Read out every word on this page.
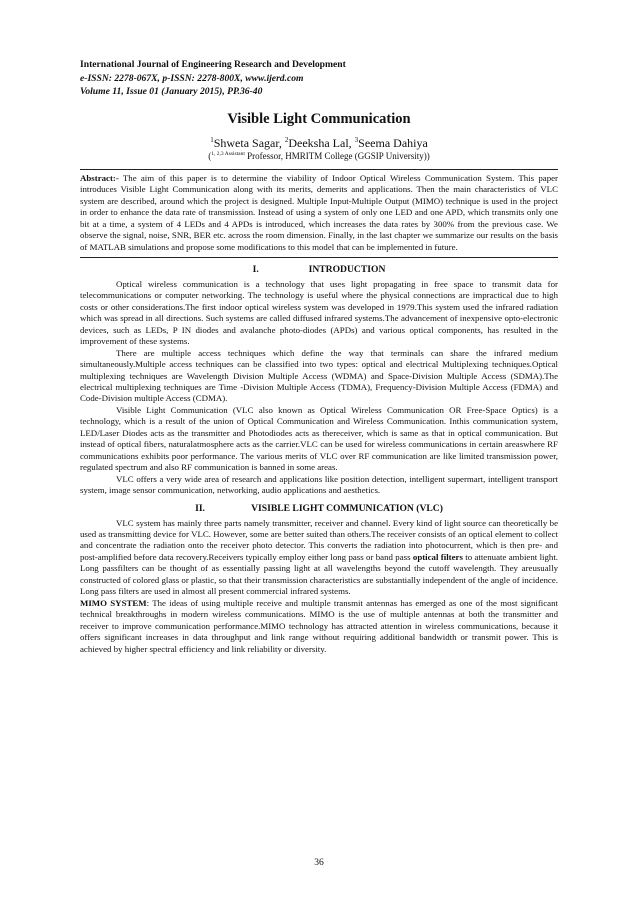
International Journal of Engineering Research and Development
e-ISSN: 2278-067X, p-ISSN: 2278-800X, www.ijerd.com
Volume 11, Issue 01 (January 2015), PP.36-40
Visible Light Communication
$^1$Shweta Sagar, $^2$Deeksha Lal, $^3$Seema Dahiya
($^{1, 2,3 Assistant}$ Professor, HMRITM College (GGSIP University))

Abstract:- The aim of this paper is to determine the viability of Indoor Optical Wireless Communication System. This paper introduces Visible Light Communication along with its merits, demerits and applications. Then the main characteristics of VLC system are described, around which the project is designed. Multiple Input-Multiple Output (MIMO) technique is used in the project in order to enhance the data rate of transmission. Instead of using a system of only one LED and one APD, which transmits only one bit at a time, a system of 4 LEDs and 4 APDs is introduced, which increases the data rates by 300% from the previous case. We observe the signal, noise, SNR, BER etc. across the room dimension. Finally, in the last chapter we summarize our results on the basis of MATLAB simulations and propose some modifications to this model that can be implemented in future.

I.	INTRODUCTION

Optical wireless communication is a technology that uses light propagating in free space to transmit data for telecommunications or computer networking. The technology is useful where the physical connections are impractical due to high costs or other considerations.The first indoor optical wireless system was developed in 1979.This system used the infrared radiation which was spread in all directions. Such systems are called diffused infrared systems.The advancement of inexpensive opto-electronic devices, such as LEDs, P IN diodes and avalanche photo-diodes (APDs) and various optical components, has resulted in the improvement of these systems.

There are multiple access techniques which define the way that terminals can share the infrared medium simultaneously.Multiple access techniques can be classified into two types: optical and electrical Multiplexing techniques.Optical multiplexing techniques are Wavelength Division Multiple Access (WDMA) and Space-Division Multiple Access (SDMA).The electrical multiplexing techniques are Time -Division Multiple Access (TDMA), Frequency-Division Multiple Access (FDMA) and Code-Division multiple Access (CDMA).

Visible Light Communication (VLC also known as Optical Wireless Communication OR Free-Space Optics) is a technology, which is a result of the union of Optical Communication and Wireless Communication. Inthis communication system, LED/Laser Diodes acts as the transmitter and Photodiodes acts as thereceiver, which is same as that in optical communication. But instead of optical fibers, naturalatmosphere acts as the carrier.VLC can be used for wireless communications in certain areaswhere RF communications exhibits poor performance. The various merits of VLC over RF communication are like limited transmission power, regulated spectrum and also RF communication is banned in some areas.

VLC offers a very wide area of research and applications like position detection, intelligent supermart, intelligent transport system, image sensor communication, networking, audio applications and aesthetics.

II.	VISIBLE LIGHT COMMUNICATION (VLC)

VLC system has mainly three parts namely transmitter, receiver and channel. Every kind of light source can theoretically be used as transmitting device for VLC. However, some are better suited than others.The receiver consists of an optical element to collect and concentrate the radiation onto the receiver photo detector. This converts the radiation into photocurrent, which is then pre- and post-amplified before data recovery.Receivers typically employ either long pass or band pass optical filters to attenuate ambient light. Long passfilters can be thought of as essentially passing light at all wavelengths beyond the cutoff wavelength. They areusually constructed of colored glass or plastic, so that their transmission characteristics are substantially independent of the angle of incidence. Long pass filters are used in almost all present commercial infrared systems.

MIMO SYSTEM: The ideas of using multiple receive and multiple transmit antennas has emerged as one of the most significant technical breakthroughs in modern wireless communications. MIMO is the use of multiple antennas at both the transmitter and receiver to improve communication performance.MIMO technology has attracted attention in wireless communications, because it offers significant increases in data throughput and link range without requiring additional bandwidth or transmit power. This is achieved by higher spectral efficiency and link reliability or diversity.

36
